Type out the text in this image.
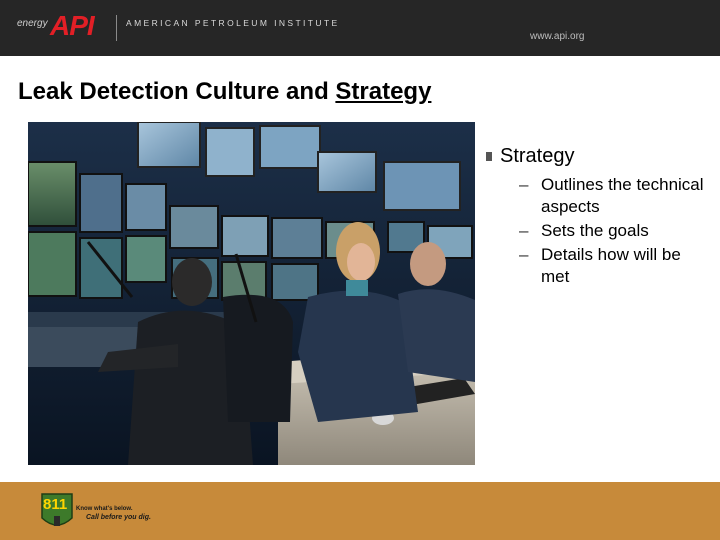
energy API	AMERICAN PETROLEUM INSTITUTE
www.api.org
Leak Detection Culture and Strategy
Strategy
– Outlines the technical aspects
– Sets the goals
– Details how will be met
811 Know what's below.
Call before you dig.
